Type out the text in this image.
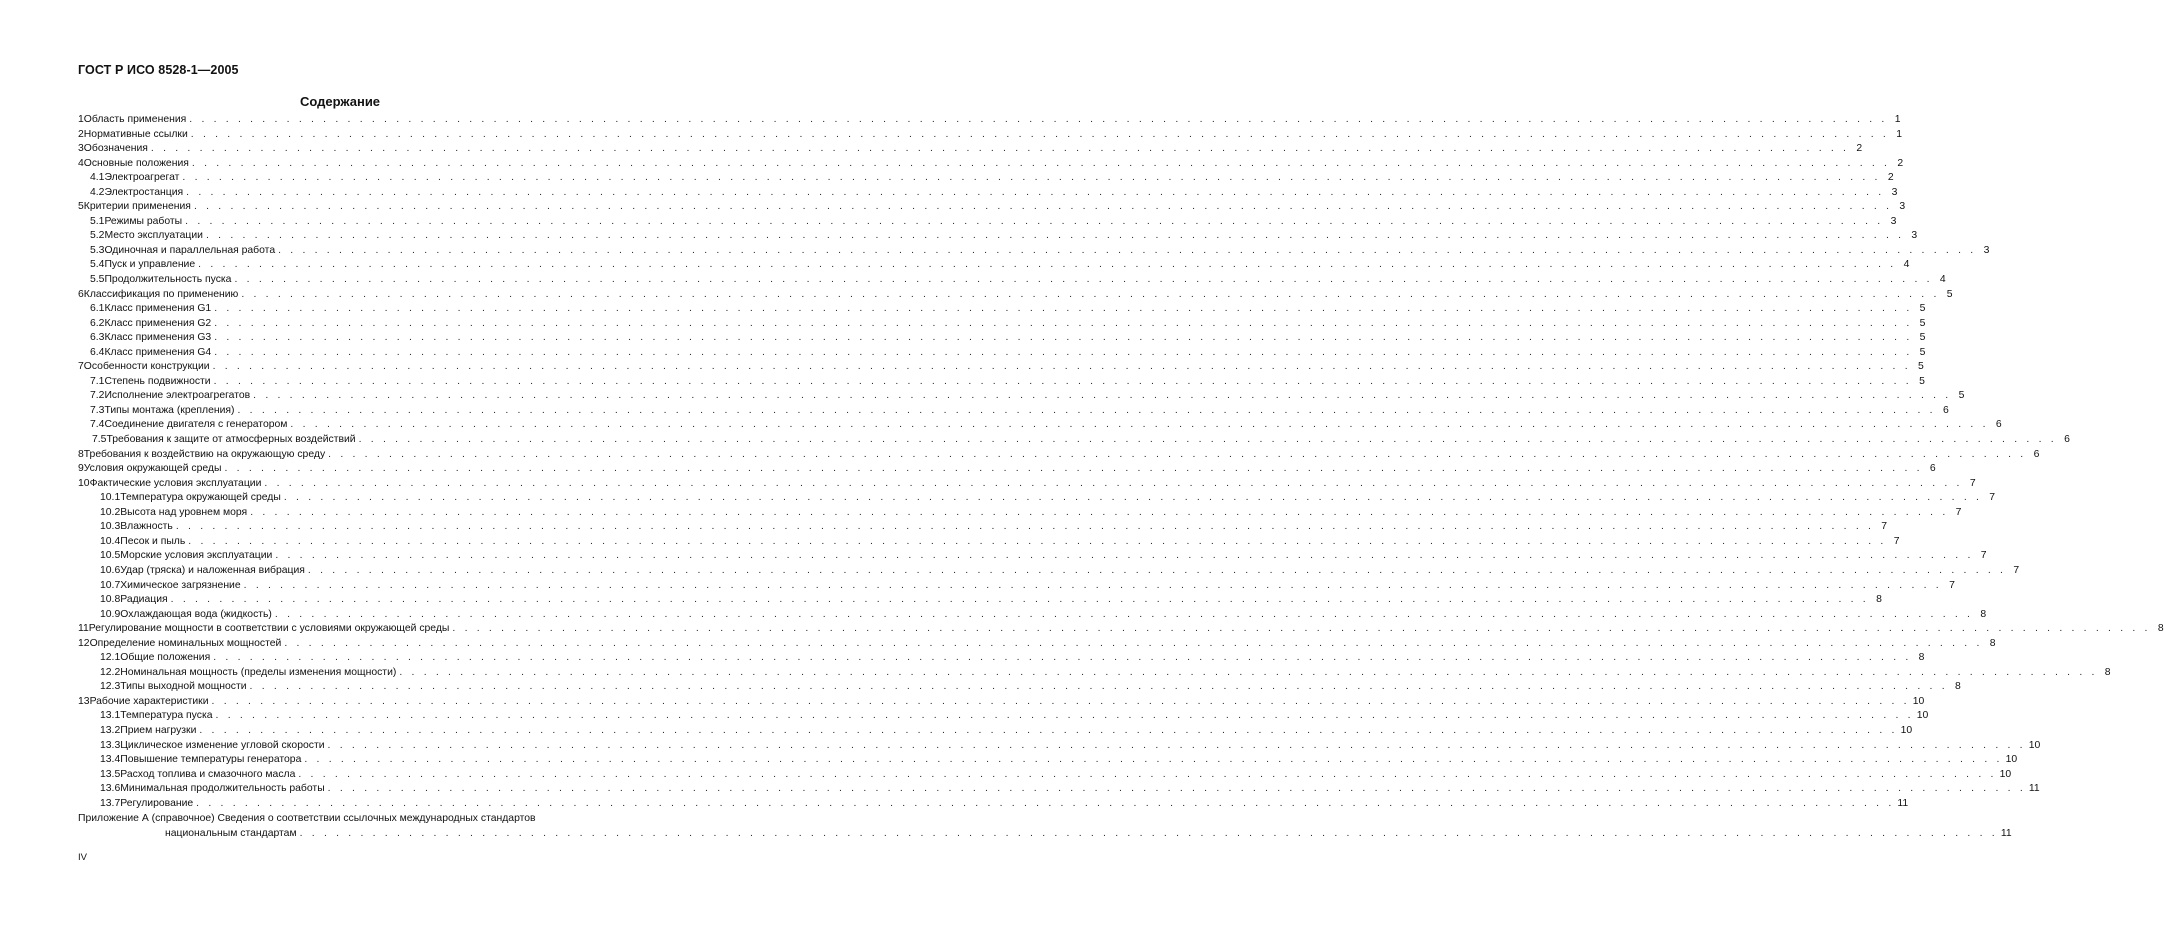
ГОСТ Р ИСО 8528-1—2005
Содержание
1 Область применения . . . . . . . . . . . . . . . . . . . . . . . . . . . . . . . . . . . . . . . . . . . . . . . . . . . . . . . . . . . . . . . . . . . . . . . . . . . . . . . . . . . . . . . . . . . . . . . . . . . . . . . . . . . . . . . . . . . . . . . . . . . . . . . . . . . . . . . . . . . . 1
2 Нормативные ссылки . . . . . . . . . . . . . . . . . . . . . . . . . . . . . . . . . . . . . . . . . . . . . . . . . . . . . . . . . . . . . . . . . . . . . . . . . . . . . . . . . . . . . . . . . . . . . . . . . . . . . . . . . . . . . . . . . . . . . . . . . . . . . . . . . . . . . . . . . . . . 1
3 Обозначения . . . . . . . . . . . . . . . . . . . . . . . . . . . . . . . . . . . . . . . . . . . . . . . . . . . . . . . . . . . . . . . . . . . . . . . . . . . . . . . . . . . . . . . . . . . . . . . . . . . . . . . . . . . . . . . . . . . . . . . . . . . . . . . . . . . . . . . . . . . . 2
4 Основные положения . . . . . . . . . . . . . . . . . . . . . . . . . . . . . . . . . . . . . . . . . . . . . . . . . . . . . . . . . . . . . . . . . . . . . . . . . . . . . . . . . . . . . . . . . . . . . . . . . . . . . . . . . . . . . . . . . . . . . . . . . . . . . . . . . . . . . . . . . . . . 2
4.1 Электроагрегат . . . . . . . . . . . . . . . . . . . . . . . . . . . . . . . . . . . . . . . . . . . . . . . . . . . . . . . . . . . . . . . . . . . . . . . . . . . . . . . . . . . . . . . . . . . . . . . . . . . . . . . . . . . . . . . . . . . . . . . . . . . . . . . . . . . . . . . . . . . . 2
4.2 Электростанция . . . . . . . . . . . . . . . . . . . . . . . . . . . . . . . . . . . . . . . . . . . . . . . . . . . . . . . . . . . . . . . . . . . . . . . . . . . . . . . . . . . . . . . . . . . . . . . . . . . . . . . . . . . . . . . . . . . . . . . . . . . . . . . . . . . . . . . . . . . . 3
5 Критерии применения . . . . . . . . . . . . . . . . . . . . . . . . . . . . . . . . . . . . . . . . . . . . . . . . . . . . . . . . . . . . . . . . . . . . . . . . . . . . . . . . . . . . . . . . . . . . . . . . . . . . . . . . . . . . . . . . . . . . . . . . . . . . . . . . . . . . . . . . . . . . 3
5.1 Режимы работы . . . . . . . . . . . . . . . . . . . . . . . . . . . . . . . . . . . . . . . . . . . . . . . . . . . . . . . . . . . . . . . . . . . . . . . . . . . . . . . . . . . . . . . . . . . . . . . . . . . . . . . . . . . . . . . . . . . . . . . . . . . . . . . . . . . . . . . . . . . . 3
5.2 Место эксплуатации . . . . . . . . . . . . . . . . . . . . . . . . . . . . . . . . . . . . . . . . . . . . . . . . . . . . . . . . . . . . . . . . . . . . . . . . . . . . . . . . . . . . . . . . . . . . . . . . . . . . . . . . . . . . . . . . . . . . . . . . . . . . . . . . . . . . . . . . . . . . 3
5.3 Одиночная и параллельная работа . . . . . . . . . . . . . . . . . . . . . . . . . . . . . . . . . . . . . . . . . . . . . . . . . . . . . . . . . . . . . . . . . . . . . . . . . . . . . . . . . . . . . . . . . . . . . . . . . . . . . . . . . . . . . . . . . . . . . . . . . . . . . . . . . . . . . . . . . . . . 3
5.4 Пуск и управление . . . . . . . . . . . . . . . . . . . . . . . . . . . . . . . . . . . . . . . . . . . . . . . . . . . . . . . . . . . . . . . . . . . . . . . . . . . . . . . . . . . . . . . . . . . . . . . . . . . . . . . . . . . . . . . . . . . . . . . . . . . . . . . . . . . . . . . . . . . . 4
5.5 Продолжительность пуска . . . . . . . . . . . . . . . . . . . . . . . . . . . . . . . . . . . . . . . . . . . . . . . . . . . . . . . . . . . . . . . . . . . . . . . . . . . . . . . . . . . . . . . . . . . . . . . . . . . . . . . . . . . . . . . . . . . . . . . . . . . . . . . . . . . . . . . . . . . . 4
6 Классификация по применению . . . . . . . . . . . . . . . . . . . . . . . . . . . . . . . . . . . . . . . . . . . . . . . . . . . . . . . . . . . . . . . . . . . . . . . . . . . . . . . . . . . . . . . . . . . . . . . . . . . . . . . . . . . . . . . . . . . . . . . . . . . . . . . . . . . . . . . . . . . . 5
6.1 Класс применения G1 . . . . . . . . . . . . . . . . . . . . . . . . . . . . . . . . . . . . . . . . . . . . . . . . . . . . . . . . . . . . . . . . . . . . . . . . . . . . . . . . . . . . . . . . . . . . . . . . . . . . . . . . . . . . . . . . . . . . . . . . . . . . . . . . . . . . . . . . . . . . 5
6.2 Класс применения G2 . . . . . . . . . . . . . . . . . . . . . . . . . . . . . . . . . . . . . . . . . . . . . . . . . . . . . . . . . . . . . . . . . . . . . . . . . . . . . . . . . . . . . . . . . . . . . . . . . . . . . . . . . . . . . . . . . . . . . . . . . . . . . . . . . . . . . . . . . . . . 5
6.3 Класс применения G3 . . . . . . . . . . . . . . . . . . . . . . . . . . . . . . . . . . . . . . . . . . . . . . . . . . . . . . . . . . . . . . . . . . . . . . . . . . . . . . . . . . . . . . . . . . . . . . . . . . . . . . . . . . . . . . . . . . . . . . . . . . . . . . . . . . . . . . . . . . . . 5
6.4 Класс применения G4 . . . . . . . . . . . . . . . . . . . . . . . . . . . . . . . . . . . . . . . . . . . . . . . . . . . . . . . . . . . . . . . . . . . . . . . . . . . . . . . . . . . . . . . . . . . . . . . . . . . . . . . . . . . . . . . . . . . . . . . . . . . . . . . . . . . . . . . . . . . . 5
7 Особенности конструкции . . . . . . . . . . . . . . . . . . . . . . . . . . . . . . . . . . . . . . . . . . . . . . . . . . . . . . . . . . . . . . . . . . . . . . . . . . . . . . . . . . . . . . . . . . . . . . . . . . . . . . . . . . . . . . . . . . . . . . . . . . . . . . . . . . . . . . . . . . . . 5
7.1 Степень подвижности . . . . . . . . . . . . . . . . . . . . . . . . . . . . . . . . . . . . . . . . . . . . . . . . . . . . . . . . . . . . . . . . . . . . . . . . . . . . . . . . . . . . . . . . . . . . . . . . . . . . . . . . . . . . . . . . . . . . . . . . . . . . . . . . . . . . . . . . . . . . 5
7.2 Исполнение электроагрегатов . . . . . . . . . . . . . . . . . . . . . . . . . . . . . . . . . . . . . . . . . . . . . . . . . . . . . . . . . . . . . . . . . . . . . . . . . . . . . . . . . . . . . . . . . . . . . . . . . . . . . . . . . . . . . . . . . . . . . . . . . . . . . . . . . . . . . . . . . . . . 5
7.3 Типы монтажа (крепления) . . . . . . . . . . . . . . . . . . . . . . . . . . . . . . . . . . . . . . . . . . . . . . . . . . . . . . . . . . . . . . . . . . . . . . . . . . . . . . . . . . . . . . . . . . . . . . . . . . . . . . . . . . . . . . . . . . . . . . . . . . . . . . . . . . . . . . . . . . . . 6
7.4 Соединение двигателя с генератором . . . . . . . . . . . . . . . . . . . . . . . . . . . . . . . . . . . . . . . . . . . . . . . . . . . . . . . . . . . . . . . . . . . . . . . . . . . . . . . . . . . . . . . . . . . . . . . . . . . . . . . . . . . . . . . . . . . . . . . . . . . . . . . . . . . . . . . . . . . . 6
7.5 Требования к защите от атмосферных воздействий . . . . . . . . . . . . . . . . . . . . . . . . . . . . . . . . . . . . . . . . . . . . . . . . . . . . . . . . . . . . . . . . . . . . . . . . . . . . . . . . . . . . . . . . . . . . . . . . . . . . . . . . . . . . . . . . . . . . . . . . . . . . . . . . . . . . . . . . . . . . 6
8 Требования к воздействию на окружающую среду . . . . . . . . . . . . . . . . . . . . . . . . . . . . . . . . . . . . . . . . . . . . . . . . . . . . . . . . . . . . . . . . . . . . . . . . . . . . . . . . . . . . . . . . . . . . . . . . . . . . . . . . . . . . . . . . . . . . . . . . . . . . . . . . . . . . . . . . . . . . 6
9 Условия окружающей среды . . . . . . . . . . . . . . . . . . . . . . . . . . . . . . . . . . . . . . . . . . . . . . . . . . . . . . . . . . . . . . . . . . . . . . . . . . . . . . . . . . . . . . . . . . . . . . . . . . . . . . . . . . . . . . . . . . . . . . . . . . . . . . . . . . . . . . . . . . . . 6
10 Фактические условия эксплуатации . . . . . . . . . . . . . . . . . . . . . . . . . . . . . . . . . . . . . . . . . . . . . . . . . . . . . . . . . . . . . . . . . . . . . . . . . . . . . . . . . . . . . . . . . . . . . . . . . . . . . . . . . . . . . . . . . . . . . . . . . . . . . . . . . . . . . . . . . . . . 7
10.1 Температура окружающей среды . . . . . . . . . . . . . . . . . . . . . . . . . . . . . . . . . . . . . . . . . . . . . . . . . . . . . . . . . . . . . . . . . . . . . . . . . . . . . . . . . . . . . . . . . . . . . . . . . . . . . . . . . . . . . . . . . . . . . . . . . . . . . . . . . . . . . . . . . . . . 7
10.2 Высота над уровнем моря . . . . . . . . . . . . . . . . . . . . . . . . . . . . . . . . . . . . . . . . . . . . . . . . . . . . . . . . . . . . . . . . . . . . . . . . . . . . . . . . . . . . . . . . . . . . . . . . . . . . . . . . . . . . . . . . . . . . . . . . . . . . . . . . . . . . . . . . . . . . 7
10.3 Влажность . . . . . . . . . . . . . . . . . . . . . . . . . . . . . . . . . . . . . . . . . . . . . . . . . . . . . . . . . . . . . . . . . . . . . . . . . . . . . . . . . . . . . . . . . . . . . . . . . . . . . . . . . . . . . . . . . . . . . . . . . . . . . . . . . . . . . . . . . . . . 7
10.4 Песок и пыль . . . . . . . . . . . . . . . . . . . . . . . . . . . . . . . . . . . . . . . . . . . . . . . . . . . . . . . . . . . . . . . . . . . . . . . . . . . . . . . . . . . . . . . . . . . . . . . . . . . . . . . . . . . . . . . . . . . . . . . . . . . . . . . . . . . . . . . . . . . . 7
10.5 Морские условия эксплуатации . . . . . . . . . . . . . . . . . . . . . . . . . . . . . . . . . . . . . . . . . . . . . . . . . . . . . . . . . . . . . . . . . . . . . . . . . . . . . . . . . . . . . . . . . . . . . . . . . . . . . . . . . . . . . . . . . . . . . . . . . . . . . . . . . . . . . . . . . . . . 7
10.6 Удар (тряска) и наложенная вибрация . . . . . . . . . . . . . . . . . . . . . . . . . . . . . . . . . . . . . . . . . . . . . . . . . . . . . . . . . . . . . . . . . . . . . . . . . . . . . . . . . . . . . . . . . . . . . . . . . . . . . . . . . . . . . . . . . . . . . . . . . . . . . . . . . . . . . . . . . . . . 7
10.7 Химическое загрязнение . . . . . . . . . . . . . . . . . . . . . . . . . . . . . . . . . . . . . . . . . . . . . . . . . . . . . . . . . . . . . . . . . . . . . . . . . . . . . . . . . . . . . . . . . . . . . . . . . . . . . . . . . . . . . . . . . . . . . . . . . . . . . . . . . . . . . . . . . . . . 7
10.8 Радиация . . . . . . . . . . . . . . . . . . . . . . . . . . . . . . . . . . . . . . . . . . . . . . . . . . . . . . . . . . . . . . . . . . . . . . . . . . . . . . . . . . . . . . . . . . . . . . . . . . . . . . . . . . . . . . . . . . . . . . . . . . . . . . . . . . . . . . . . . . . . 8
10.9 Охлаждающая вода (жидкость) . . . . . . . . . . . . . . . . . . . . . . . . . . . . . . . . . . . . . . . . . . . . . . . . . . . . . . . . . . . . . . . . . . . . . . . . . . . . . . . . . . . . . . . . . . . . . . . . . . . . . . . . . . . . . . . . . . . . . . . . . . . . . . . . . . . . . . . . . . . . 8
11 Регулирование мощности в соответствии с условиями окружающей среды . . . . . . . . . . . . . . . . . . . . . . . . . . . . . . . . . . . . . . . . . . . . . . . . . . . . . . . . . . . . . . . . . . . . . . . . . . . . . . . . . . . . . . . . . . . . . . . . . . . . . . . . . . . . . . . . . . . . . . . . . . . . . . . . . . . . . . . . . . . . 8
12 Определение номинальных мощностей . . . . . . . . . . . . . . . . . . . . . . . . . . . . . . . . . . . . . . . . . . . . . . . . . . . . . . . . . . . . . . . . . . . . . . . . . . . . . . . . . . . . . . . . . . . . . . . . . . . . . . . . . . . . . . . . . . . . . . . . . . . . . . . . . . . . . . . . . . . . 8
12.1 Общие положения . . . . . . . . . . . . . . . . . . . . . . . . . . . . . . . . . . . . . . . . . . . . . . . . . . . . . . . . . . . . . . . . . . . . . . . . . . . . . . . . . . . . . . . . . . . . . . . . . . . . . . . . . . . . . . . . . . . . . . . . . . . . . . . . . . . . . . . . . . . . 8
12.2 Номинальная мощность (пределы изменения мощности) . . . . . . . . . . . . . . . . . . . . . . . . . . . . . . . . . . . . . . . . . . . . . . . . . . . . . . . . . . . . . . . . . . . . . . . . . . . . . . . . . . . . . . . . . . . . . . . . . . . . . . . . . . . . . . . . . . . . . . . . . . . . . . . . . . . . . . . . . . . . 8
12.3 Типы выходной мощности . . . . . . . . . . . . . . . . . . . . . . . . . . . . . . . . . . . . . . . . . . . . . . . . . . . . . . . . . . . . . . . . . . . . . . . . . . . . . . . . . . . . . . . . . . . . . . . . . . . . . . . . . . . . . . . . . . . . . . . . . . . . . . . . . . . . . . . . . . . . 8
13 Рабочие характеристики . . . . . . . . . . . . . . . . . . . . . . . . . . . . . . . . . . . . . . . . . . . . . . . . . . . . . . . . . . . . . . . . . . . . . . . . . . . . . . . . . . . . . . . . . . . . . . . . . . . . . . . . . . . . . . . . . . . . . . . . . . . . . . . . . . . . . . . . . . . . 10
13.1 Температура пуска . . . . . . . . . . . . . . . . . . . . . . . . . . . . . . . . . . . . . . . . . . . . . . . . . . . . . . . . . . . . . . . . . . . . . . . . . . . . . . . . . . . . . . . . . . . . . . . . . . . . . . . . . . . . . . . . . . . . . . . . . . . . . . . . . . . . . . . . . . . . 10
13.2 Прием нагрузки . . . . . . . . . . . . . . . . . . . . . . . . . . . . . . . . . . . . . . . . . . . . . . . . . . . . . . . . . . . . . . . . . . . . . . . . . . . . . . . . . . . . . . . . . . . . . . . . . . . . . . . . . . . . . . . . . . . . . . . . . . . . . . . . . . . . . . . . . . . . 10
13.3 Циклическое изменение угловой скорости . . . . . . . . . . . . . . . . . . . . . . . . . . . . . . . . . . . . . . . . . . . . . . . . . . . . . . . . . . . . . . . . . . . . . . . . . . . . . . . . . . . . . . . . . . . . . . . . . . . . . . . . . . . . . . . . . . . . . . . . . . . . . . . . . . . . . . . . . . . . 10
13.4 Повышение температуры генератора . . . . . . . . . . . . . . . . . . . . . . . . . . . . . . . . . . . . . . . . . . . . . . . . . . . . . . . . . . . . . . . . . . . . . . . . . . . . . . . . . . . . . . . . . . . . . . . . . . . . . . . . . . . . . . . . . . . . . . . . . . . . . . . . . . . . . . . . . . . . 10
13.5 Расход топлива и смазочного масла . . . . . . . . . . . . . . . . . . . . . . . . . . . . . . . . . . . . . . . . . . . . . . . . . . . . . . . . . . . . . . . . . . . . . . . . . . . . . . . . . . . . . . . . . . . . . . . . . . . . . . . . . . . . . . . . . . . . . . . . . . . . . . . . . . . . . . . . . . . . 10
13.6 Минимальная продолжительность работы . . . . . . . . . . . . . . . . . . . . . . . . . . . . . . . . . . . . . . . . . . . . . . . . . . . . . . . . . . . . . . . . . . . . . . . . . . . . . . . . . . . . . . . . . . . . . . . . . . . . . . . . . . . . . . . . . . . . . . . . . . . . . . . . . . . . . . . . . . . . 11
13.7 Регулирование . . . . . . . . . . . . . . . . . . . . . . . . . . . . . . . . . . . . . . . . . . . . . . . . . . . . . . . . . . . . . . . . . . . . . . . . . . . . . . . . . . . . . . . . . . . . . . . . . . . . . . . . . . . . . . . . . . . . . . . . . . . . . . . . . . . . . . . . . . . . 11
Приложение А (справочное) Сведения о соответствии ссылочных международных стандартов
национальным стандартам . . . . . . . . . . . . . . . . . . . . . . . . . . . . . . . . . . . . . . . . . . . . . . . . . . . . . . . . . . . . . . . . . . . . . . . . . . . . . . . . . . . . . . . . . . . . . . . . . . . . . . . . . . . . . . . . . . . . . . . . . . . . . . . . . . . . . . . . . . . . 11
IV
